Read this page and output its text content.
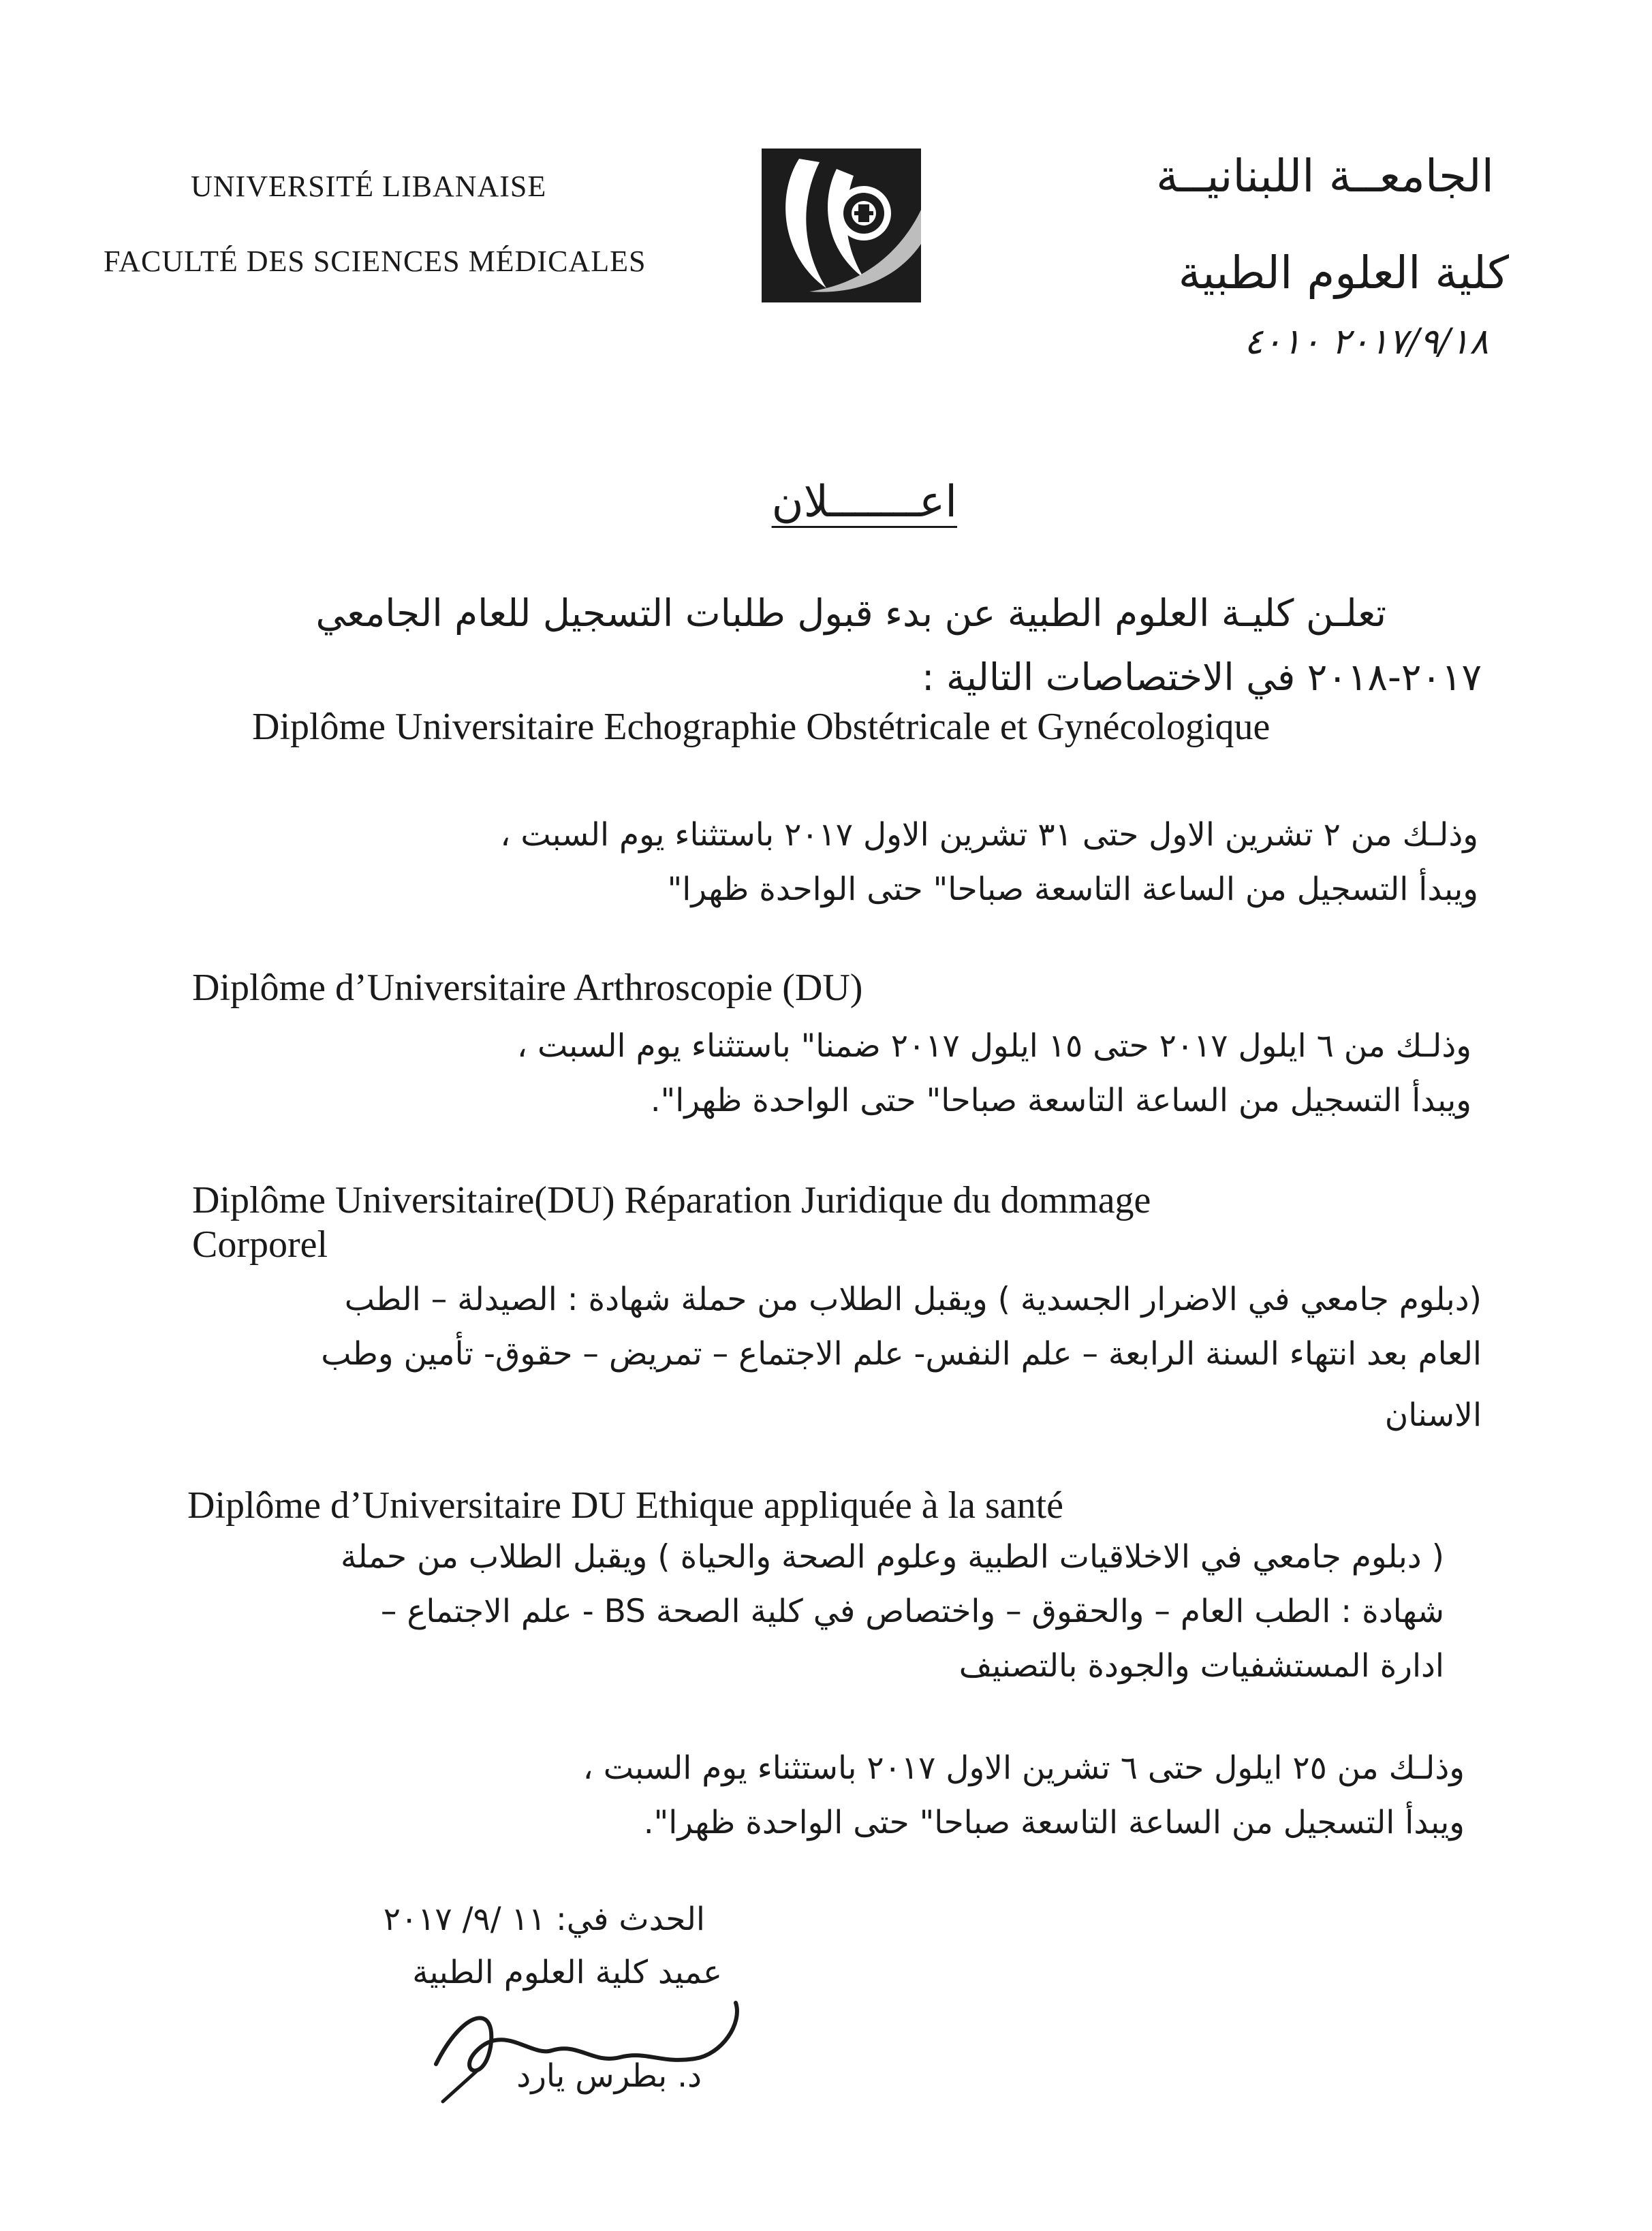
UNIVERSITÉ LIBANAISE
FACULTÉ DES SCIENCES MÉDICALES
الجامعــة اللبنانيــة
كلية العلوم الطبية
٢٠١٧/٩/١٨ ٤٠١٠
اعـــــــلان
تعلـن كليـة العلوم الطبية عن بدء قبول طلبات التسجيل للعام الجامعي
٢٠١٧-٢٠١٨ في الاختصاصات التالية :
Diplôme Universitaire Echographie Obstétricale et Gynécologique
وذلـك من ٢ تشرين الاول حتى ٣١ تشرين الاول ٢٠١٧ باستثناء يوم السبت ،
ويبدأ التسجيل من الساعة التاسعة صباحا" حتى الواحدة ظهرا"
Diplôme d’Universitaire Arthroscopie (DU)
وذلـك من ٦ ايلول ٢٠١٧ حتى ١٥ ايلول ٢٠١٧ ضمنا" باستثناء يوم السبت ،
ويبدأ التسجيل من الساعة التاسعة صباحا" حتى الواحدة ظهرا".
Diplôme Universitaire(DU) Réparation Juridique du dommage
Corporel
(دبلوم جامعي في الاضرار الجسدية ) ويقبل الطلاب من حملة شهادة : الصيدلة – الطب
العام بعد انتهاء السنة الرابعة – علم النفس- علم الاجتماع – تمريض – حقوق- تأمين وطب
الاسنان
Diplôme d’Universitaire DU Ethique appliquée à la santé
( دبلوم جامعي في الاخلاقيات الطبية وعلوم الصحة والحياة ) ويقبل الطلاب من حملة
شهادة : الطب العام – والحقوق – واختصاص في كلية الصحة BS - علم الاجتماع –
ادارة المستشفيات والجودة بالتصنيف
وذلـك من ٢٥ ايلول حتى ٦ تشرين الاول ٢٠١٧ باستثناء يوم السبت ،
ويبدأ التسجيل من الساعة التاسعة صباحا" حتى الواحدة ظهرا".
الحدث في: ١١ /٩/ ٢٠١٧
عميد كلية العلوم الطبية
د. بطرس يارد
